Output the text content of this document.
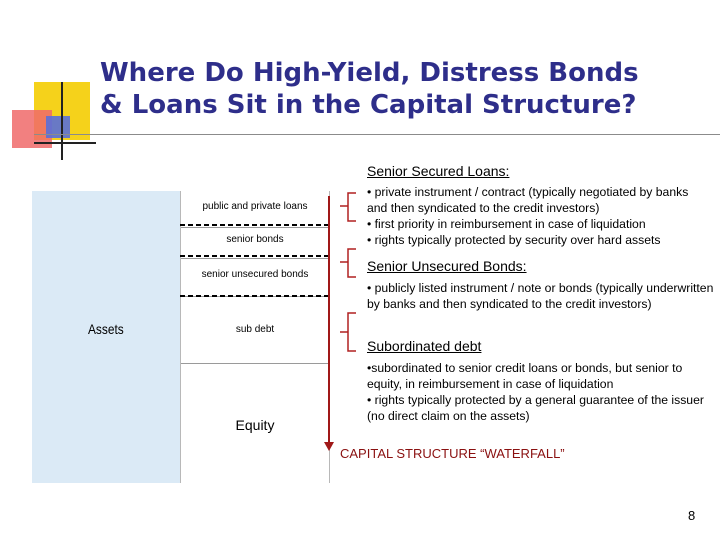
Where Do High-Yield, Distress Bonds
& Loans Sit in the Capital Structure?
Assets
public and private loans
senior bonds
senior unsecured bonds
sub debt
Equity
Senior Secured Loans:
• private instrument / contract (typically negotiated by banks and then syndicated to the credit investors)
• first priority in reimbursement in case of liquidation
• rights typically protected by security over hard assets
Senior Unsecured Bonds:
• publicly listed instrument / note or bonds (typically underwritten by banks and then syndicated to the credit investors)
Subordinated debt
•subordinated to senior credit loans or bonds, but senior to equity, in reimbursement in case of liquidation
• rights typically protected by a general guarantee of the issuer (no direct claim on the assets)
CAPITAL STRUCTURE “WATERFALL”
8
